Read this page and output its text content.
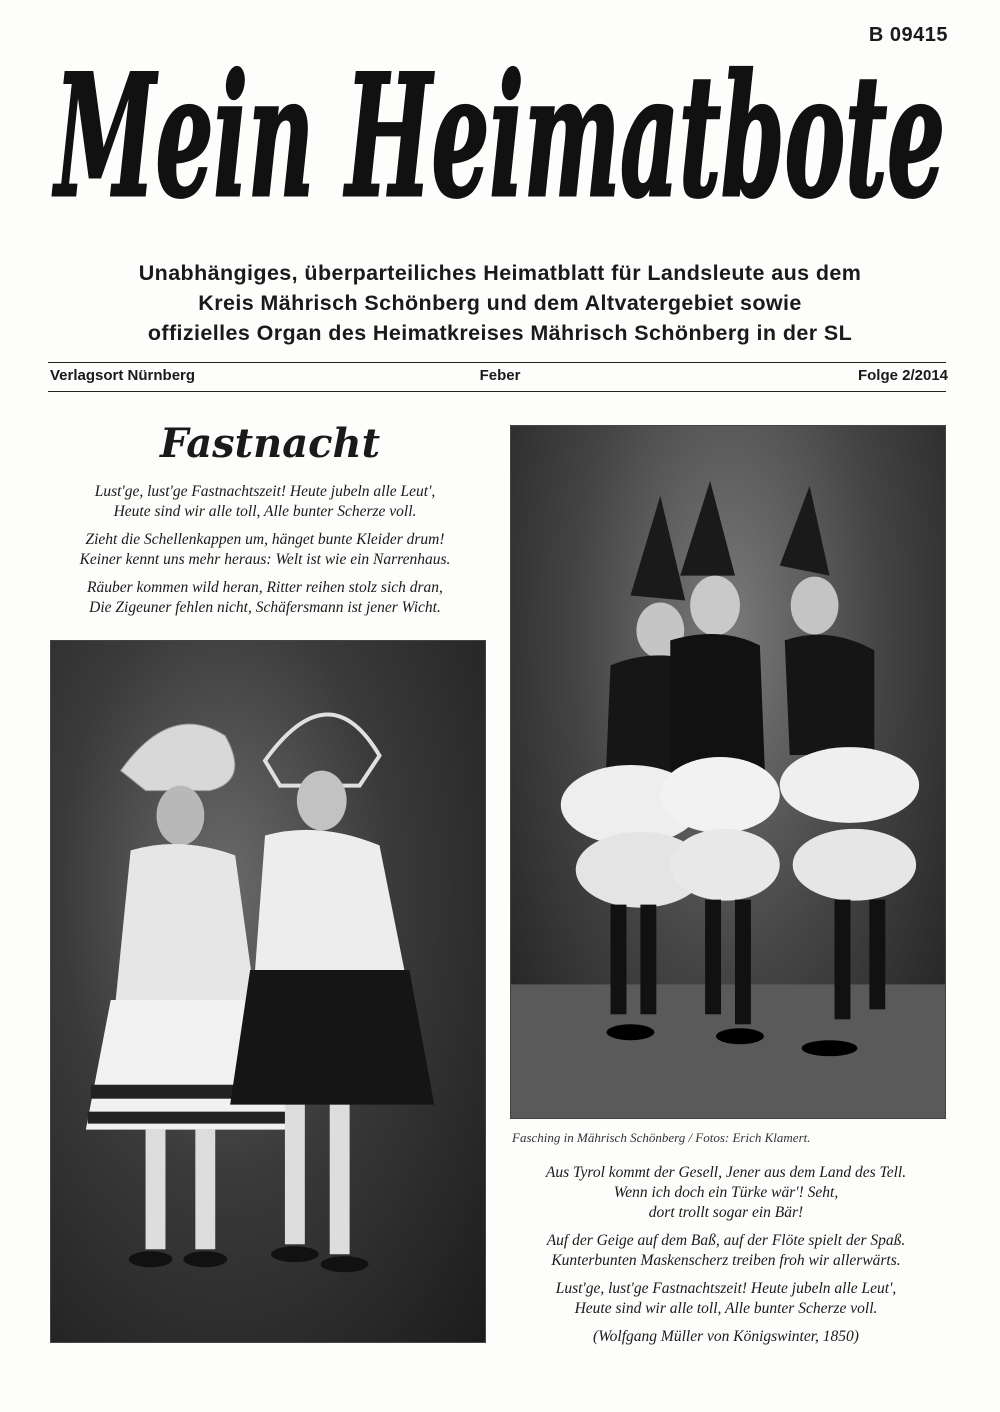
B 09415
Mein Heimatbote
Unabhängiges, überparteiliches Heimatblatt für Landsleute aus dem
Kreis Mährisch Schönberg und dem Altvatergebiet sowie
offizielles Organ des Heimatkreises Mährisch Schönberg in der SL
Verlagsort Nürnberg	Feber	Folge 2/2014
Fastnacht
Lust'ge, lust'ge Fastnachtszeit! Heute jubeln alle Leut',
Heute sind wir alle toll, Alle bunter Scherze voll.
Zieht die Schellenkappen um, hänget bunte Kleider drum!
Keiner kennt uns mehr heraus: Welt ist wie ein Narrenhaus.
Räuber kommen wild heran, Ritter reihen stolz sich dran,
Die Zigeuner fehlen nicht, Schäfersmann ist jener Wicht.
Fasching in Mährisch Schönberg / Fotos: Erich Klamert.
Aus Tyrol kommt der Gesell, Jener aus dem Land des Tell.
Wenn ich doch ein Türke wär'! Seht,
dort trollt sogar ein Bär!
Auf der Geige auf dem Baß, auf der Flöte spielt der Spaß.
Kunterbunten Maskenscherz treiben froh wir allerwärts.
Lust'ge, lust'ge Fastnachtszeit! Heute jubeln alle Leut',
Heute sind wir alle toll, Alle bunter Scherze voll.
(Wolfgang Müller von Königswinter, 1850)
